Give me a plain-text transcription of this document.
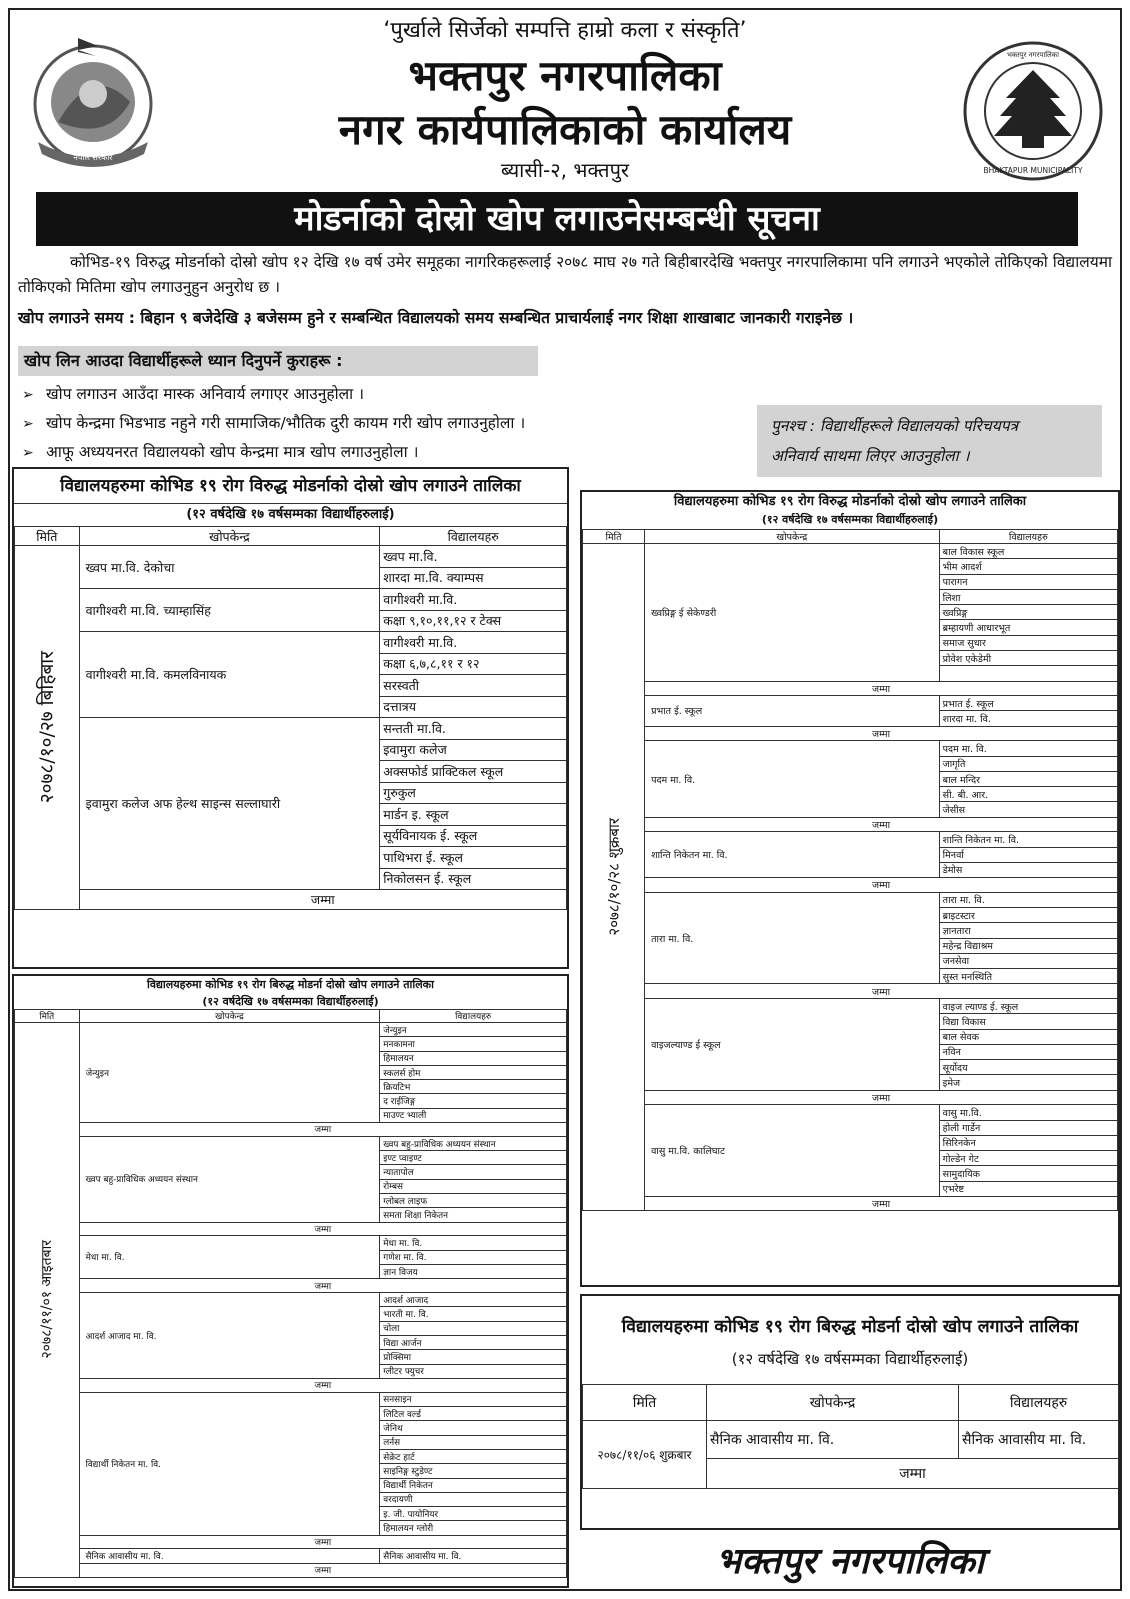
नेपाल सरकार
BHAKTAPUR MUNICIPALITY
भक्तपुर नगरपालिका
‘पुर्खाले सिर्जेको सम्पत्ति हाम्रो कला र संस्कृति’
भक्तपुर नगरपालिका
नगर कार्यपालिकाको कार्यालय
ब्यासी-२, भक्तपुर
मोडर्नाको दोस्रो खोप लगाउनेसम्बन्धी सूचना

कोभिड-१९ विरुद्ध मोडर्नाको दोस्रो खोप १२ देखि १७ वर्ष उमेर समूहका नागरिकहरूलाई २०७८ माघ २७ गते बिहीबारदेखि भक्तपुर नगरपालिकामा पनि लगाउने भएकोले तोकिएको विद्यालयमा तोकिएको मितिमा खोप लगाउनुहुन अनुरोध छ ।

खोप लगाउने समय : बिहान ९ बजेदेखि ३ बजेसम्म हुने र सम्बन्धित विद्यालयको समय सम्बन्धित प्राचार्यलाई नगर शिक्षा शाखाबाट जानकारी गराइनेछ ।

खोप लिन आउदा विद्यार्थीहरूले ध्यान दिनुपर्ने कुराहरू :
➢ खोप लगाउन आउँदा मास्क अनिवार्य लगाएर आउनुहोला ।
➢ खोप केन्द्रमा भिडभाड नहुने गरी सामाजिक/भौतिक दुरी कायम गरी खोप लगाउनुहोला ।
➢ आफू अध्ययनरत विद्यालयको खोप केन्द्रमा मात्र खोप लगाउनुहोला ।
पुनश्च : विद्यार्थीहरूले विद्यालयको परिचयपत्र
अनिवार्य साथमा लिएर आउनुहोला ।
विद्यालयहरुमा कोभिड १९ रोग विरुद्ध मोडर्नाको दोस्रो खोप लगाउने तालिका
(१२ वर्षदेखि १७ वर्षसम्मका विद्यार्थीहरुलाई)
मिति	खोपकेन्द्र	विद्यालयहरु

२०७८/१०/२७ बिहिबार	ख्वप मा.वि. देकोचा	ख्वप मा.वि.
		शारदा मा.वि. क्याम्पस
	वागीश्वरी मा.वि. च्याम्हासिंह	वागीश्वरी मा.वि.
		कक्षा ९,१०,११,१२ र टेक्स
	वागीश्वरी मा.वि. कमलविनायक	वागीश्वरी मा.वि.
		कक्षा ६,७,८,११ र १२
		सरस्वती
		दत्तात्रय
	इवामुरा कलेज अफ हेल्थ साइन्स सल्लाघारी	सन्तती मा.वि.
		इवामुरा कलेज
		अक्सफोर्ड प्राक्टिकल स्कूल
		गुरुकुल
		मार्डन इ. स्कूल
		सूर्यविनायक ई. स्कूल
		पाथिभरा ई. स्कूल
		निकोलसन ई. स्कूल
	जम्मा	
विद्यालयहरुमा कोभिड १९ रोग विरुद्ध मोडर्नाको दोस्रो खोप लगाउने तालिका
(१२ वर्षदेखि १७ वर्षसम्मका विद्यार्थीहरुलाई)
मिति	खोपकेन्द्र	विद्यालयहरु

२०७८/१०/२८ शुक्रबार	ख्वप्रिङ्ग ई सेकेण्डरी	बाल विकास स्कूल
		भीम आदर्श
		पारागन
		लिशा
		ख्वप्रिङ्ग
		ब्रम्हायणी आधारभूत
		समाज सुधार
		प्रोवेश एकेडेमी

	जम्मा	
	प्रभात ई. स्कूल	प्रभात ई. स्कूल
		शारदा मा. वि.
	जम्मा	
	पदम मा. वि.	पदम मा. वि.
		जागृति
		बाल मन्दिर
		सी. बी. आर.
		जेसीस
	जम्मा	
	शान्ति निकेतन मा. वि.	शान्ति निकेतन मा. वि.
		मिनर्वा
		डेमोस
	जम्मा	
	तारा मा. वि.	तारा मा. वि.
		ब्राइटस्टार
		ज्ञानतारा
		महेन्द्र विद्याश्रम
		जनसेवा
		सुस्त मनस्थिति
	जम्मा	
	वाइजल्याण्ड ई स्कूल	वाइज ल्याण्ड ई. स्कूल
		विद्या विकास
		बाल सेवक
		नविन
		सूर्योदय
		इमेज
	जम्मा	
	वासु मा.वि. कालिघाट	वासु मा.वि.
		होली गार्डेन
		सिरिनकेन
		गोल्डेन गेट
		सामुदायिक
		एभरेष्ट
	जम्मा	
विद्यालयहरुमा कोभिड १९ रोग बिरुद्ध मोडर्ना दोस्रो खोप लगाउने तालिका
(१२ वर्षदेखि १७ वर्षसम्मका विद्यार्थीहरुलाई)
मिति	खोपकेन्द्र	विद्यालयहरु

२०७८/११/०१ आइतबार	जेन्युइन	जेन्युइन
		मनकामना
		हिमालयन
		स्कलर्स होम
		क्रियटिभ
		द राईजिङ्ग
		माउण्ट भ्याली
	जम्मा	
	ख्वप बहु-प्राविधिक अध्ययन संस्थान	ख्वप बहु-प्राविधिक अध्ययन संस्थान
		इण्ट प्वाइण्ट
		न्यातापोल
		रोम्बस
		ग्लोबल लाइफ
		समता शिक्षा निकेतन
	जम्मा	
	मेधा मा. वि.	मेधा मा. वि.
		गणेश मा. वि.
		ज्ञान विजय
	जम्मा	
	आदर्श आजाद मा. वि.	आदर्श आजाद
		भारती मा. वि.
		चोला
		विद्या आर्जन
		प्रोक्सिमा
		ग्लीटर फ्युचर
	जम्मा	
	विद्यार्थी निकेतन मा. वि.	सनसाइन
		लिटिल वर्ल्ड
		जेनिथ
		लर्नस
		सेक्रेट हार्ट
		साइनिङ्ग स्टुडेण्ट
		विद्यार्थी निकेतन
		वरदायणी
		इ. जी. पायोनियर
		हिमालयन ग्लोरी
	जम्मा	
	सैनिक आवासीय मा. वि.	सैनिक आवासीय मा. वि.
	जम्मा	
विद्यालयहरुमा कोभिड १९ रोग बिरुद्ध मोडर्ना दोस्रो खोप लगाउने तालिका
(१२ वर्षदेखि १७ वर्षसम्मका विद्यार्थीहरुलाई)
मिति	खोपकेन्द्र	विद्यालयहरु
२०७८/११/०६ शुक्रबार	सैनिक आवासीय मा. वि.	सैनिक आवासीय मा. वि.
	जम्मा	
भक्तपुर नगरपालिका
